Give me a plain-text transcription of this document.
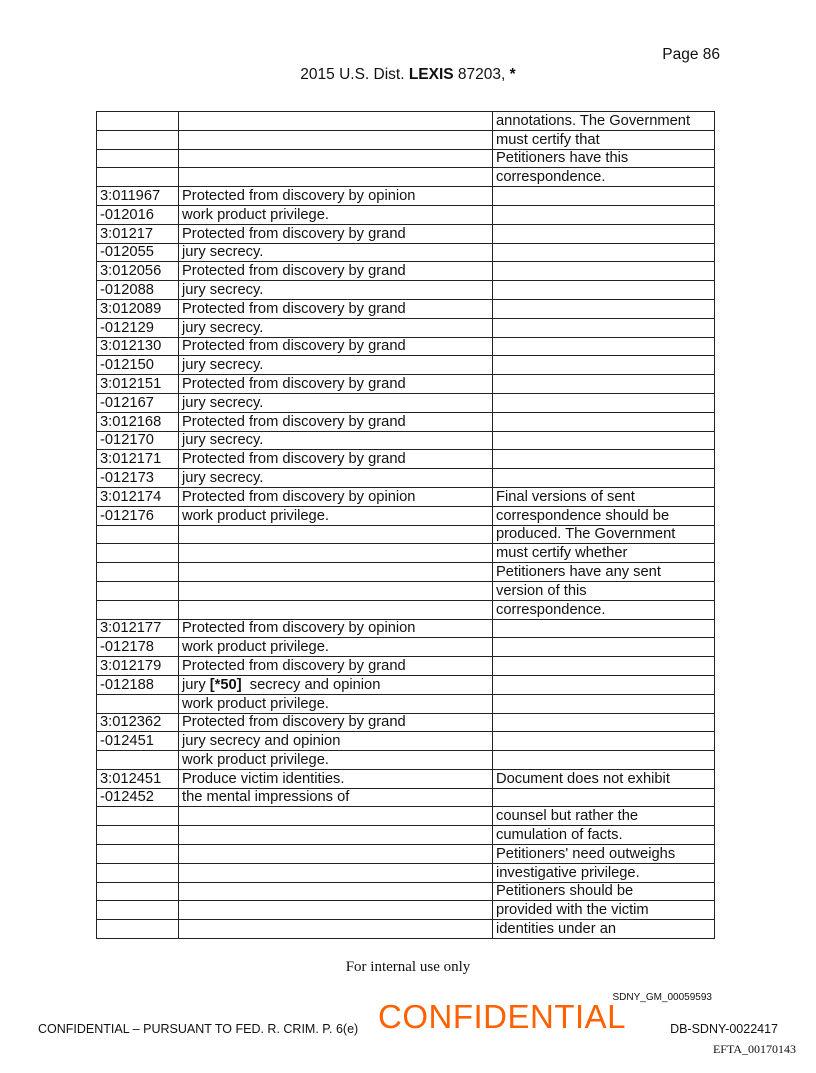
Page 86
2015 U.S. Dist. LEXIS 87203, *
		annotations. The Government
		must certify that
		Petitioners have this
		correspondence.
3:011967	Protected from discovery by opinion	
-012016	work product privilege.	
3:01217	Protected from discovery by grand	
-012055	jury secrecy.	
3:012056	Protected from discovery by grand	
-012088	jury secrecy.	
3:012089	Protected from discovery by grand	
-012129	jury secrecy.	
3:012130	Protected from discovery by grand	
-012150	jury secrecy.	
3:012151	Protected from discovery by grand	
-012167	jury secrecy.	
3:012168	Protected from discovery by grand	
-012170	jury secrecy.	
3:012171	Protected from discovery by grand	
-012173	jury secrecy.	
3:012174	Protected from discovery by opinion	Final versions of sent
-012176	work product privilege.	correspondence should be
		produced. The Government
		must certify whether
		Petitioners have any sent
		version of this
		correspondence.
3:012177	Protected from discovery by opinion	
-012178	work product privilege.	
3:012179	Protected from discovery by grand	
-012188	jury [*50]  secrecy and opinion	
	work product privilege.	
3:012362	Protected from discovery by grand	
-012451	jury secrecy and opinion	
	work product privilege.	
3:012451	Produce victim identities.	Document does not exhibit
-012452	the mental impressions of	
		counsel but rather the
		cumulation of facts.
		Petitioners' need outweighs
		investigative privilege.
		Petitioners should be
		provided with the victim
		identities under an
For internal use only
SDNY_GM_00059593
CONFIDENTIAL – PURSUANT TO FED. R. CRIM. P. 6(e) CONFIDENTIAL	DB-SDNY-0022417
EFTA_00170143
